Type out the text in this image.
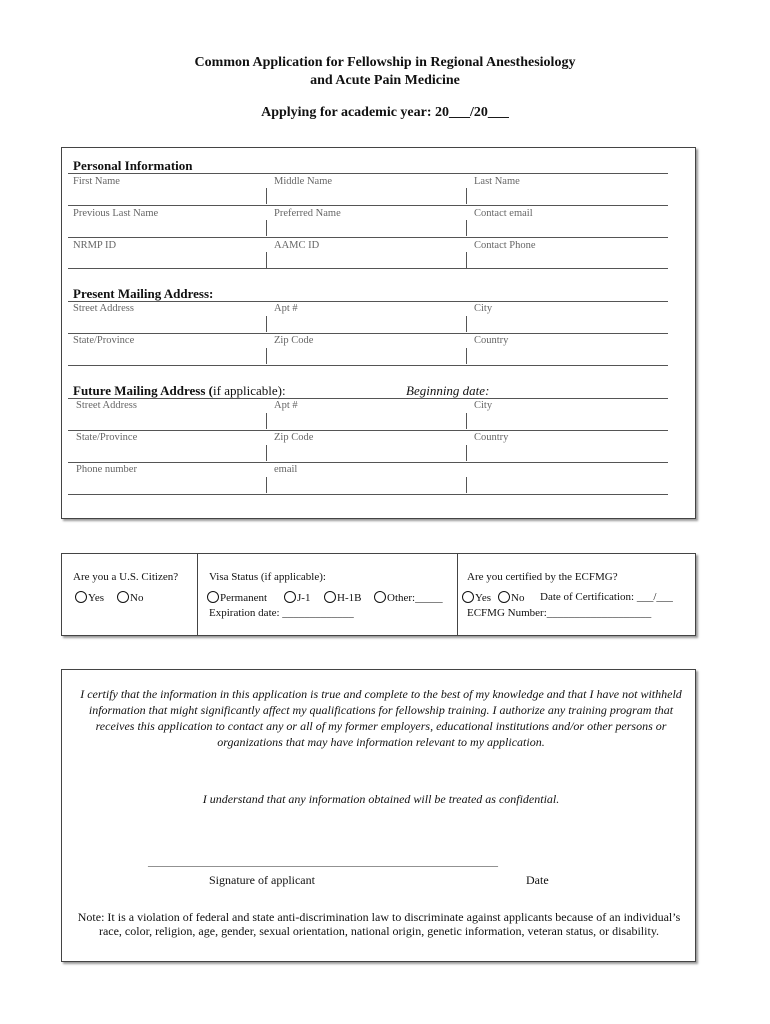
Common Application for Fellowship in Regional Anesthesiology
and Acute Pain Medicine
Applying for academic year: 20___/20___
Personal Information
First Name	Middle Name	Last Name
Previous Last Name	Preferred Name	Contact email
NRMP ID	AAMC ID	Contact Phone
Present Mailing Address:
Street Address	Apt #	City
State/Province	Zip Code	Country
Future Mailing Address (if applicable):	Beginning date:
Street Address	Apt #	City
State/Province	Zip Code	Country
Phone number	email
Are you a U.S. Citizen?
Yes	No
Visa Status (if applicable):
Permanent	J-1	H-1B	Other:_____
Expiration date: _____________
Are you certified by the ECFMG?
Yes	No Date of Certification: ___/___
ECFMG Number:___________________
I certify that the information in this application is true and complete to the best of my knowledge and that I have not withheld information that might significantly affect my qualifications for fellowship training. I authorize any training program that receives this application to contact any or all of my former employers, educational institutions and/or other persons or organizations that may have information relevant to my application.
I understand that any information obtained will be treated as confidential.
______________________________________________________________________
Signature of applicant	Date
Note: It is a violation of federal and state anti-discrimination law to discriminate against applicants because of an individual’s race, color, religion, age, gender, sexual orientation, national origin, genetic information, veteran status, or disability.
